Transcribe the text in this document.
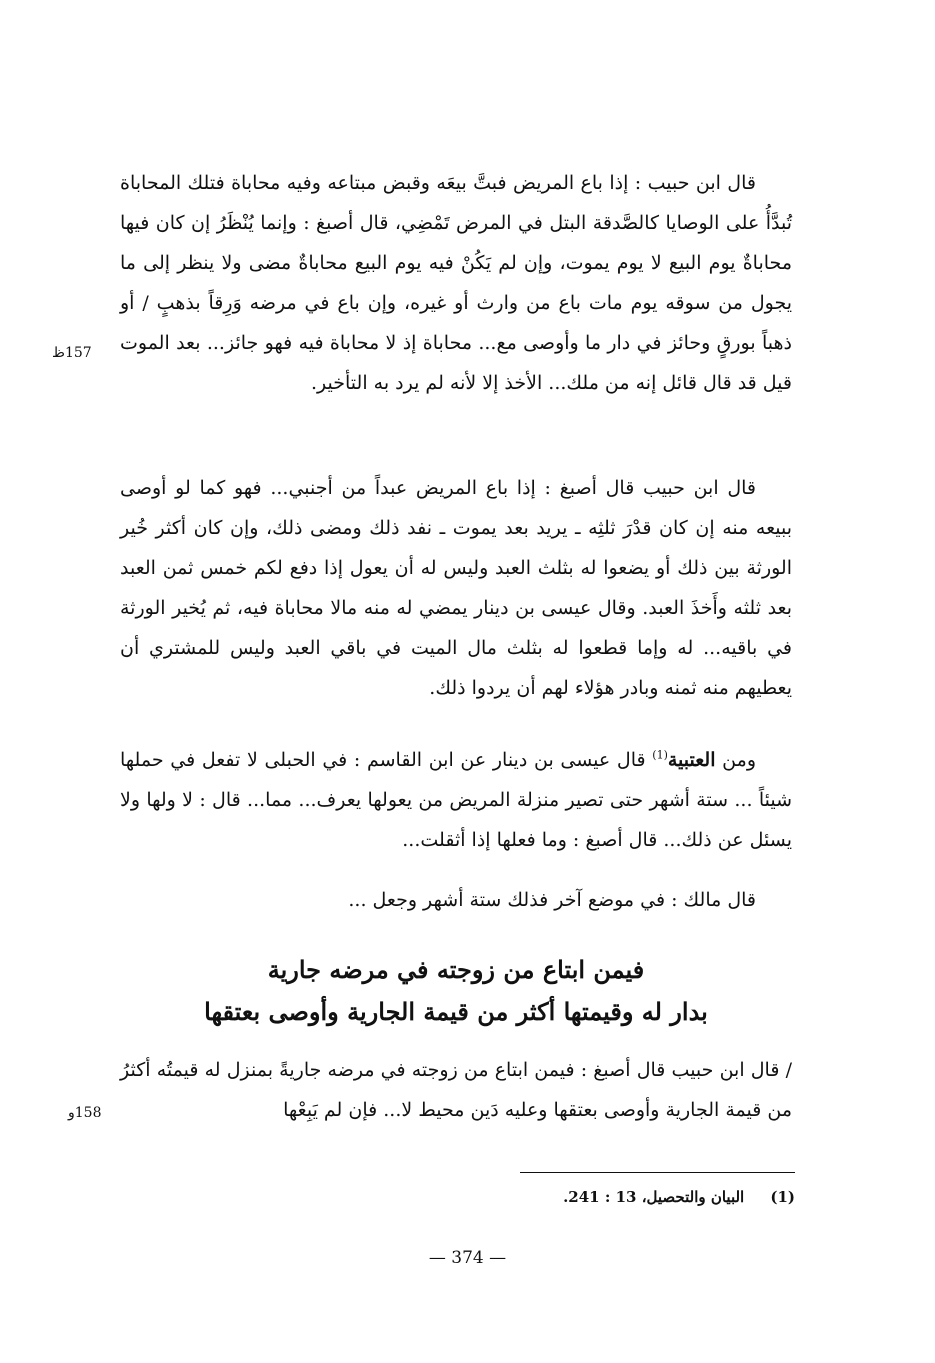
قال ابن حبيب : إذا باع المريض فبتَّ بيعَه وقبض مبتاعه وفيه محاباة فتلك المحاباة تُبدَّأُ على الوصايا كالصَّدقة البتل في المرض تَمْضِي، قال أصبغ : وإنما يُنْظَرُ إن كان فيها محاباةٌ يوم البيع لا يوم يموت، وإن لم يَكُنْ فيه يوم البيع محاباةٌ مضى ولا ينظر إلى ما يجول من سوقه يوم مات باع من وارث أو غيره، وإن باع في مرضه وَرِقاً بذهبٍ / أو ذهباً بورقٍ وحائز في دار ما وأوصى مع... محاباة إذ لا محاباة فيه فهو جائز... بعد الموت قيل قد قال قائل إنه من ملك... الأخذ إلا لأنه لم يرد به التأخير.

157ظ

قال ابن حبيب قال أصبغ : إذا باع المريض عبداً من أجنبي... فهو كما لو أوصى ببيعه منه إن كان قدْرَ ثلثِه ـ يريد بعد يموت ـ نفد ذلك ومضى ذلك، وإن كان أكثر خُير الورثة بين ذلك أو يضعوا له بثلث العبد وليس له أن يعول إذا دفع لكم خمس ثمن العبد بعد ثلثه وأَخذَ العبد. وقال عيسى بن دينار يمضي له منه مالا محاباة فيه، ثم يُخير الورثة في باقيه... له وإما قطعوا له بثلث مال الميت في باقي العبد وليس للمشتري أن يعطيهم منه ثمنه وبادر هؤلاء لهم أن يردوا ذلك.

ومن العتبية$^{(1)}$ قال عيسى بن دينار عن ابن القاسم : في الحبلى لا تفعل في حملها شيئاً ... ستة أشهر حتى تصير منزلة المريض من يعولها يعرف... مما... قال : لا ولها ولا يسئل عن ذلك... قال أصبغ : وما فعلها إذا أثقلت...

قال مالك : في موضع آخر فذلك ستة أشهر وجعل ...

فيمن ابتاع من زوجته في مرضه جارية
بدار له وقيمتها أكثر من قيمة الجارية وأوصى بعتقها

/ قال ابن حبيب قال أصبغ : فيمن ابتاع من زوجته في مرضه جاريةً بمنزل له قيمتُه أكثرُ من قيمة الجارية وأوصى بعتقها وعليه دَين محيط لا... فإن لم يَبِعْها

158و
(1)     البيان والتحصيل، 13 : 241.
— 374 —
